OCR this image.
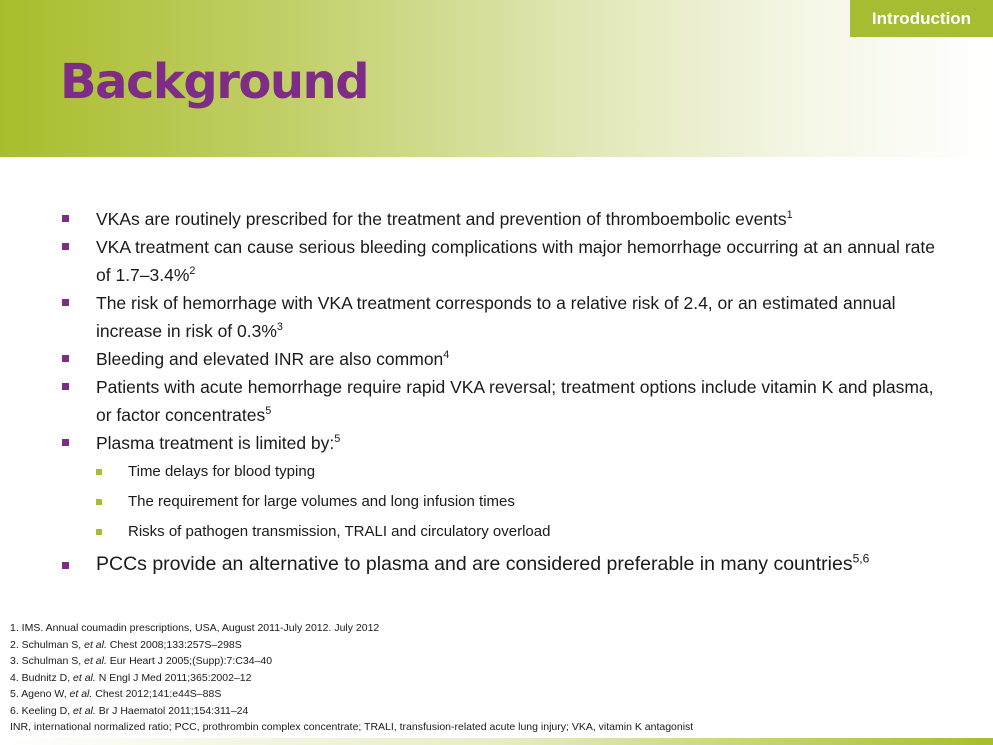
Introduction
Background
VKAs are routinely prescribed for the treatment and prevention of thromboembolic events$^1$
VKA treatment can cause serious bleeding complications with major hemorrhage occurring at an annual rate of 1.7–3.4%$^2$
The risk of hemorrhage with VKA treatment corresponds to a relative risk of 2.4, or an estimated annual increase in risk of 0.3%$^3$
Bleeding and elevated INR are also common$^4$
Patients with acute hemorrhage require rapid VKA reversal; treatment options include vitamin K and plasma, or factor concentrates$^5$
Plasma treatment is limited by:$^5$
Time delays for blood typing
The requirement for large volumes and long infusion times
Risks of pathogen transmission, TRALI and circulatory overload
PCCs provide an alternative to plasma and are considered preferable in many countries$^{5,6}$
1. IMS. Annual coumadin prescriptions, USA, August 2011-July 2012. July 2012
2. Schulman S, et al. Chest 2008;133:257S–298S
3. Schulman S, et al. Eur Heart J 2005;(Supp):7:C34–40
4. Budnitz D, et al. N Engl J Med 2011;365:2002–12
5. Ageno W, et al. Chest 2012;141:e44S–88S
6. Keeling D, et al. Br J Haematol 2011;154:311–24
INR, international normalized ratio; PCC, prothrombin complex concentrate; TRALI, transfusion-related acute lung injury; VKA, vitamin K antagonist
